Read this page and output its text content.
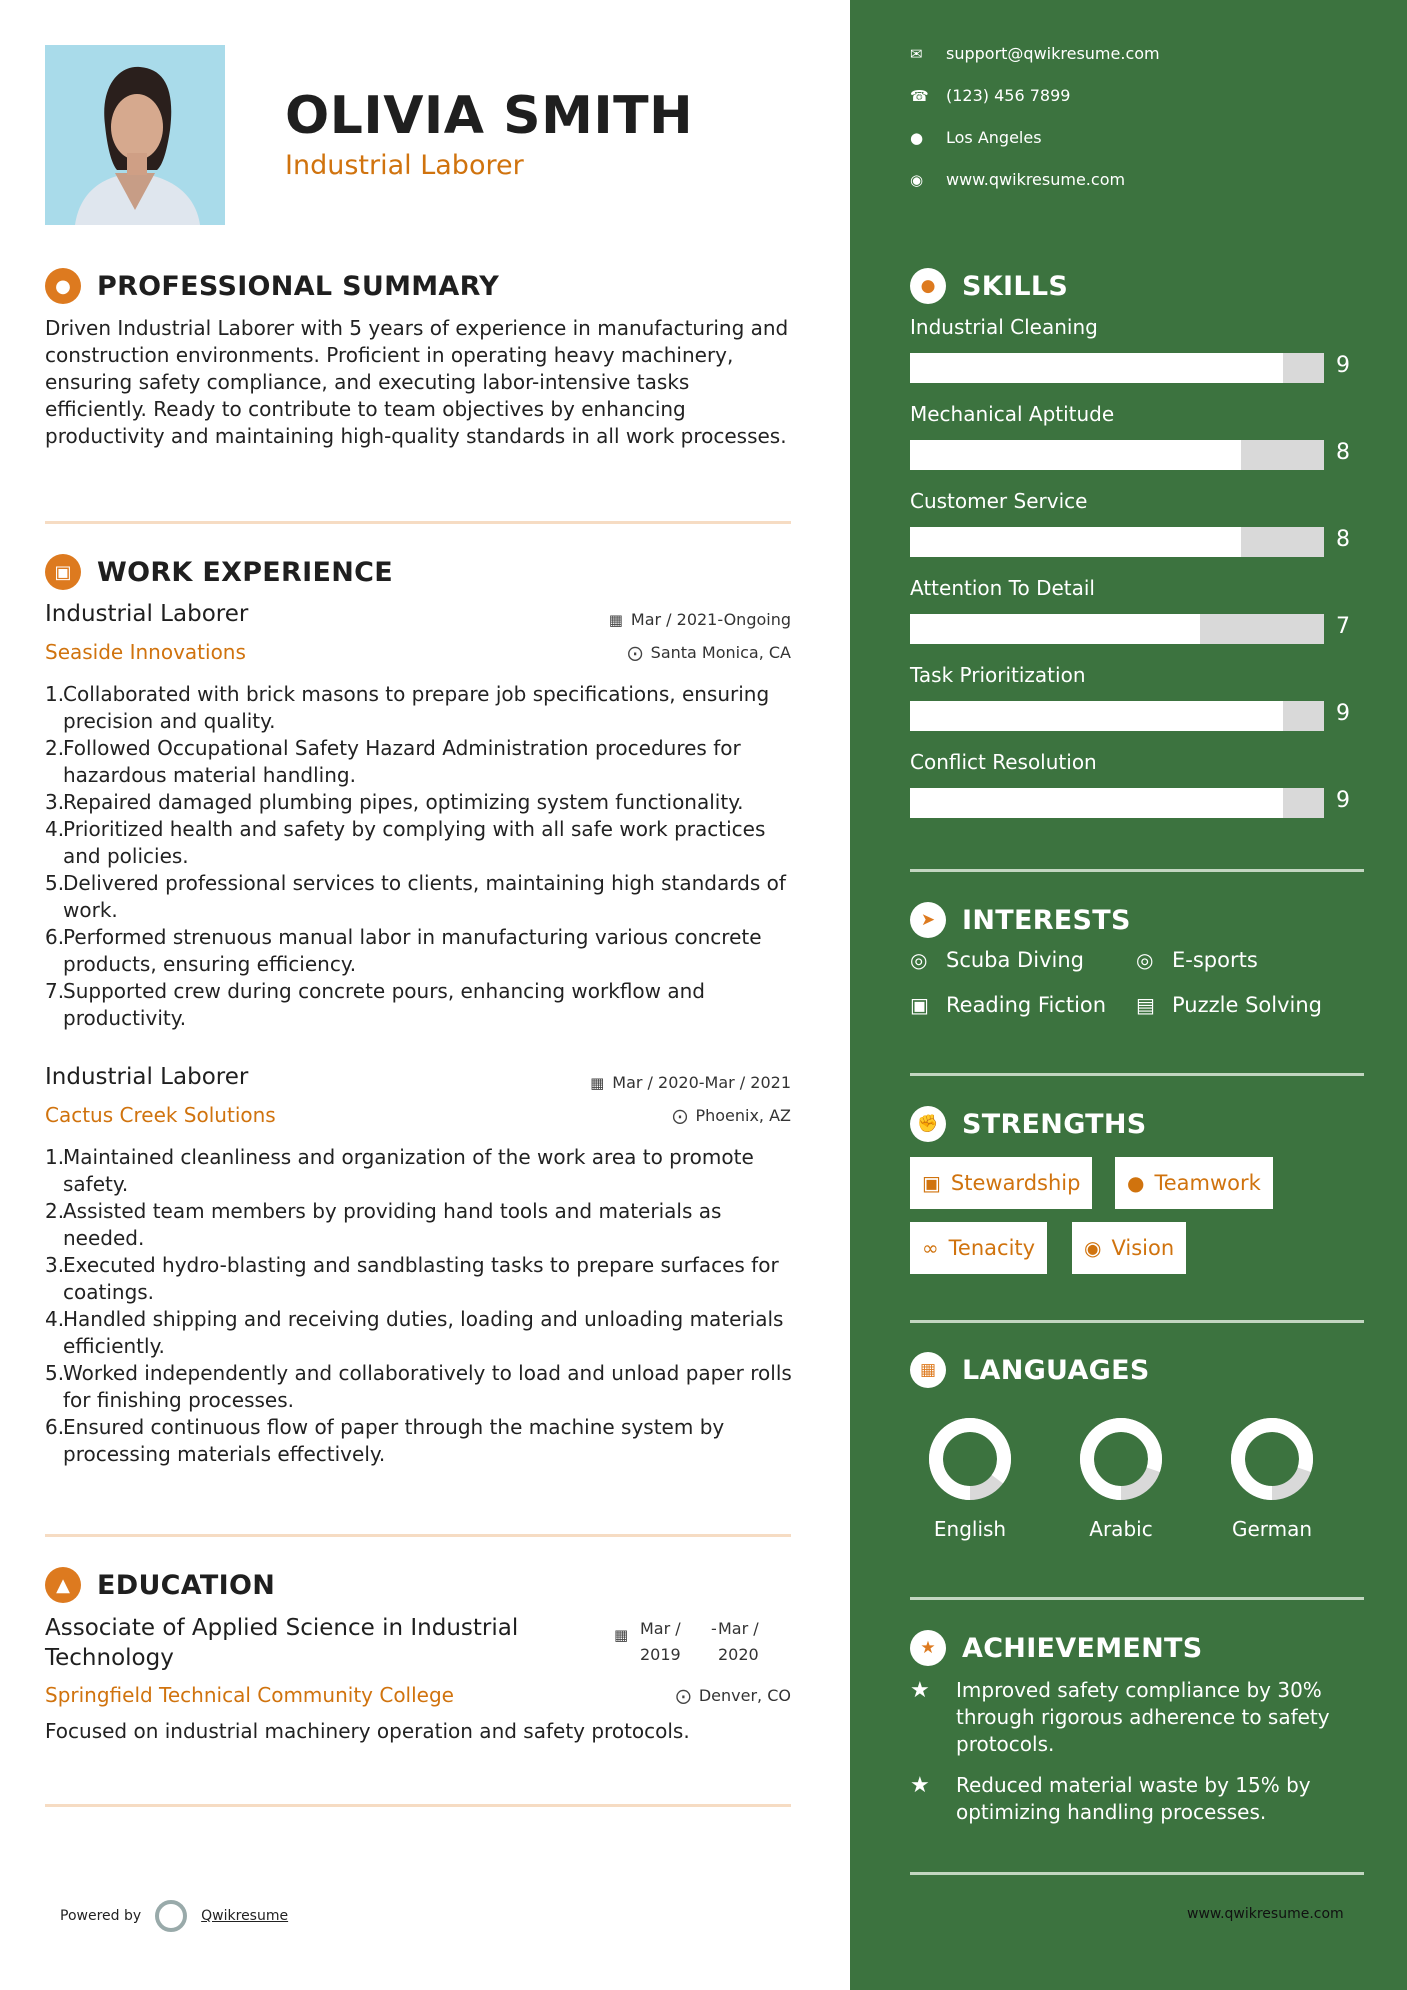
OLIVIA SMITH
Industrial Laborer
● PROFESSIONAL SUMMARY
Driven Industrial Laborer with 5 years of experience in manufacturing and construction environments. Proficient in operating heavy machinery, ensuring safety compliance, and executing labor-intensive tasks efficiently. Ready to contribute to team objectives by enhancing productivity and maintaining high-quality standards in all work processes.
▣ WORK EXPERIENCE
Industrial Laborer
Seaside Innovations
▦ Mar / 2021-Ongoing
⨀ Santa Monica, CA
1.
Collaborated with brick masons to prepare job specifications, ensuring precision and quality.
2.
Followed Occupational Safety Hazard Administration procedures for hazardous material handling.
3.
Repaired damaged plumbing pipes, optimizing system functionality.
4.
Prioritized health and safety by complying with all safe work practices and policies.
5.
Delivered professional services to clients, maintaining high standards of work.
6.
Performed strenuous manual labor in manufacturing various concrete products, ensuring efficiency.
7.
Supported crew during concrete pours, enhancing workflow and productivity.
Industrial Laborer
Cactus Creek Solutions
▦ Mar / 2020-Mar / 2021
⨀ Phoenix, AZ
1.
Maintained cleanliness and organization of the work area to promote safety.
2.
Assisted team members by providing hand tools and materials as needed.
3.
Executed hydro-blasting and sandblasting tasks to prepare surfaces for coatings.
4.
Handled shipping and receiving duties, loading and unloading materials efficiently.
5.
Worked independently and collaboratively to load and unload paper rolls for finishing processes.
6.
Ensured continuous flow of paper through the machine system by processing materials effectively.
▲	EDUCATION
Associate of Applied Science in Industrial
Technology
Springfield Technical Community College
▦ Mar /
2019
- Mar /
2020
⨀ Denver, CO
Focused on industrial machinery operation and safety protocols.
Powered by	Qwikresume
✉	support@qwikresume.com
☎	(123) 456 7899
●	Los Angeles
◉	www.qwikresume.com
● SKILLS
Industrial Cleaning
9
Mechanical Aptitude
8
Customer Service
8
Attention To Detail
7
Task Prioritization
9
Conflict Resolution
9
➤ INTERESTS
◎ Scuba Diving	◎ E-sports
▣ Reading Fiction ▤ Puzzle Solving
✊ STRENGTHS
▣ Stewardship ● Teamwork
∞ Tenacity ◉ Vision
▦ LANGUAGES
English	Arabic	German
★ ACHIEVEMENTS
★	Improved safety compliance by 30% through rigorous adherence to safety protocols.
★	Reduced material waste by 15% by optimizing handling processes.
www.qwikresume.com
